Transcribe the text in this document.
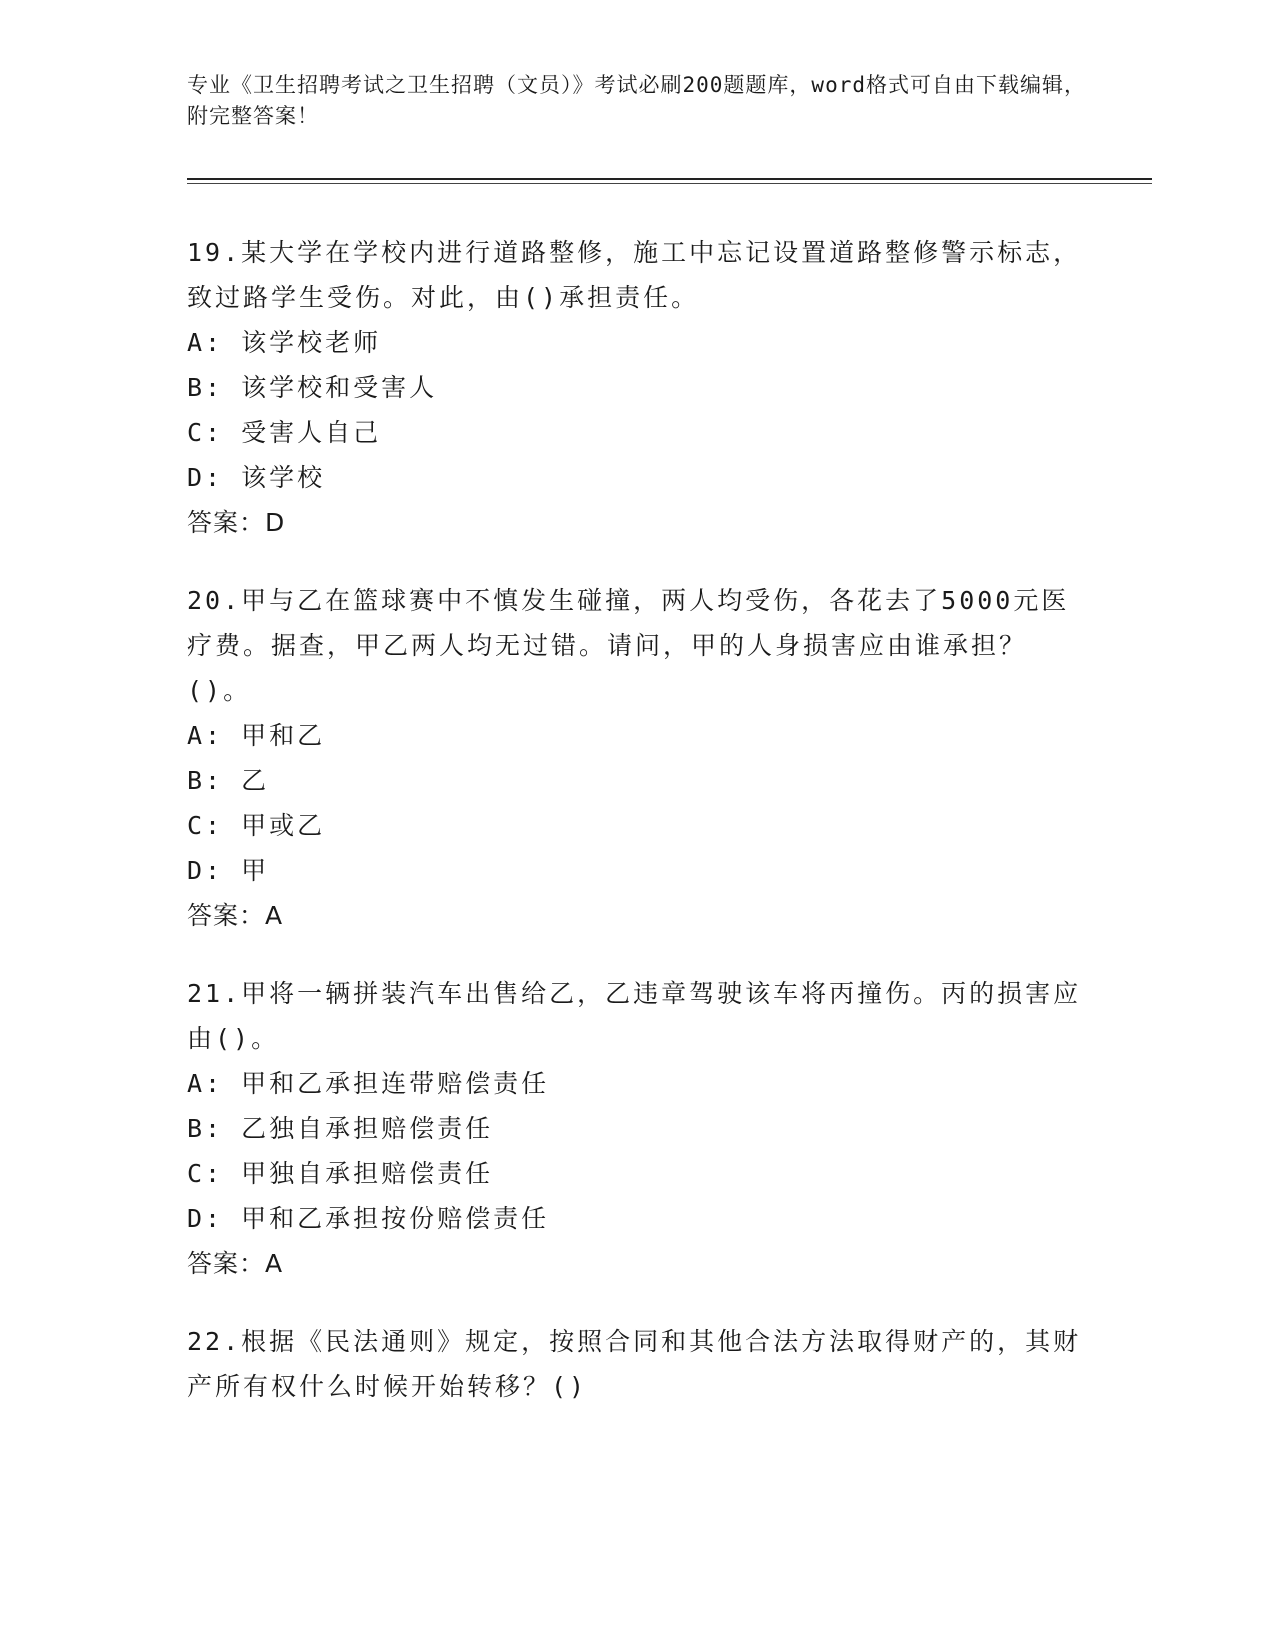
专业《卫生招聘考试之卫生招聘（文员）》考试必刷200题题库，word格式可自由下载编辑，附完整答案！
19.某大学在学校内进行道路整修，施工中忘记设置道路整修警示标志，致过路学生受伤。对此，由()承担责任。
A: 该学校老师
B: 该学校和受害人
C: 受害人自己
D: 该学校
答案：D
20.甲与乙在篮球赛中不慎发生碰撞，两人均受伤，各花去了5000元医疗费。据查，甲乙两人均无过错。请问，甲的人身损害应由谁承担？()。
A: 甲和乙
B: 乙
C: 甲或乙
D: 甲
答案：A
21.甲将一辆拼装汽车出售给乙，乙违章驾驶该车将丙撞伤。丙的损害应由()。
A: 甲和乙承担连带赔偿责任
B: 乙独自承担赔偿责任
C: 甲独自承担赔偿责任
D: 甲和乙承担按份赔偿责任
答案：A
22.根据《民法通则》规定，按照合同和其他合法方法取得财产的，其财产所有权什么时候开始转移？()
